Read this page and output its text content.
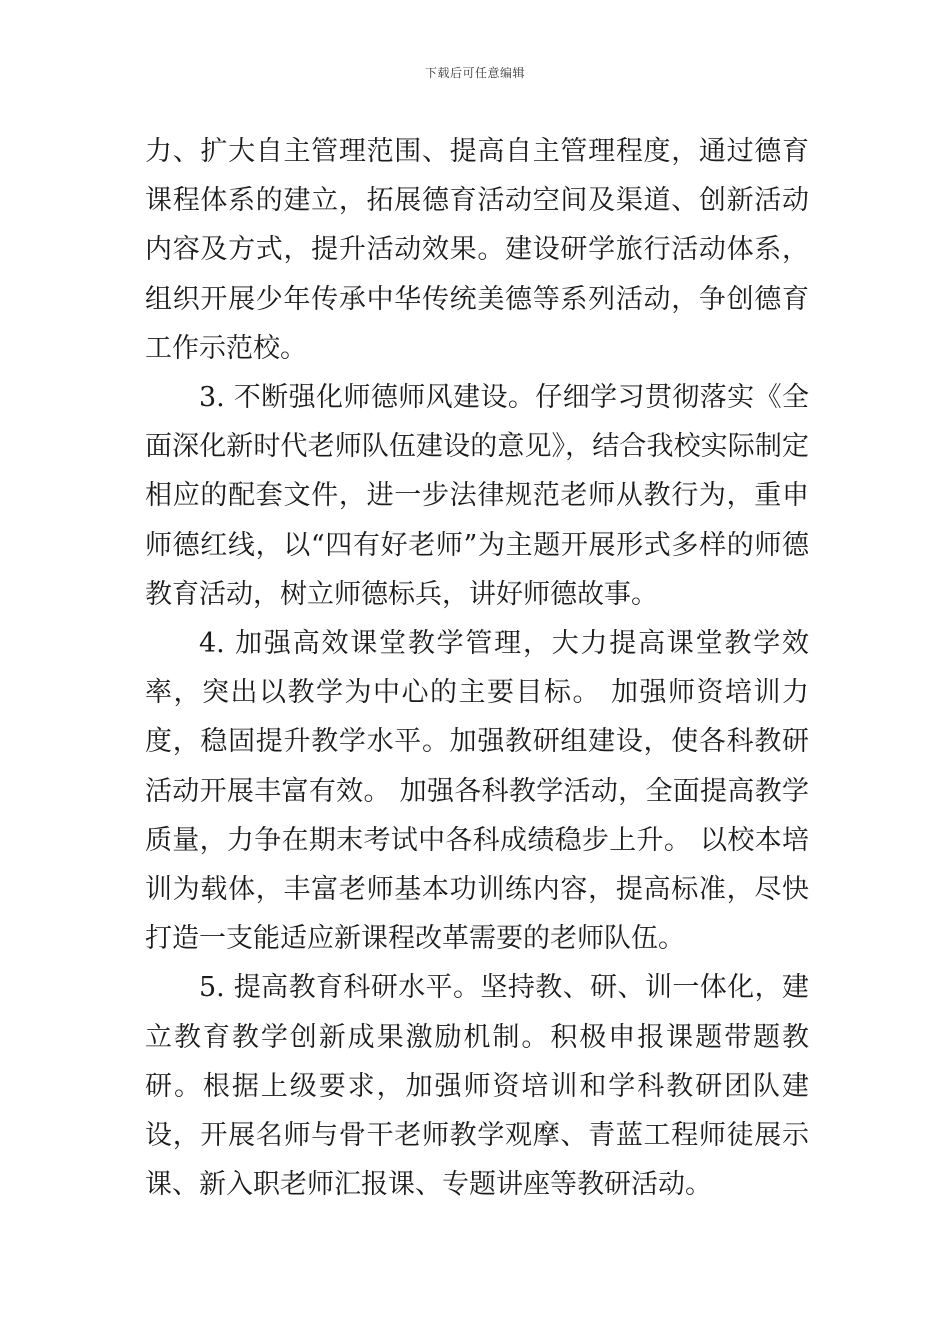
下载后可任意编辑

力、扩大自主管理范围、提高自主管理程度，通过德育课程体系的建立，拓展德育活动空间及渠道、创新活动内容及方式，提升活动效果。建设研学旅行活动体系，组织开展少年传承中华传统美德等系列活动，争创德育工作示范校。

3. 不断强化师德师风建设。仔细学习贯彻落实《全面深化新时代老师队伍建设的意见》，结合我校实际制定相应的配套文件，进一步法律规范老师从教行为，重申师德红线，以“四有好老师”为主题开展形式多样的师德教育活动，树立师德标兵，讲好师德故事。

4. 加强高效课堂教学管理，大力提高课堂教学效率，突出以教学为中心的主要目标。 加强师资培训力度，稳固提升教学水平。加强教研组建设，使各科教研活动开展丰富有效。 加强各科教学活动，全面提高教学质量，力争在期末考试中各科成绩稳步上升。 以校本培训为载体，丰富老师基本功训练内容，提高标准，尽快打造一支能适应新课程改革需要的老师队伍。

5. 提高教育科研水平。坚持教、研、训一体化，建立教育教学创新成果激励机制。积极申报课题带题教研。根据上级要求，加强师资培训和学科教研团队建设，开展名师与骨干老师教学观摩、青蓝工程师徒展示课、新入职老师汇报课、专题讲座等教研活动。
